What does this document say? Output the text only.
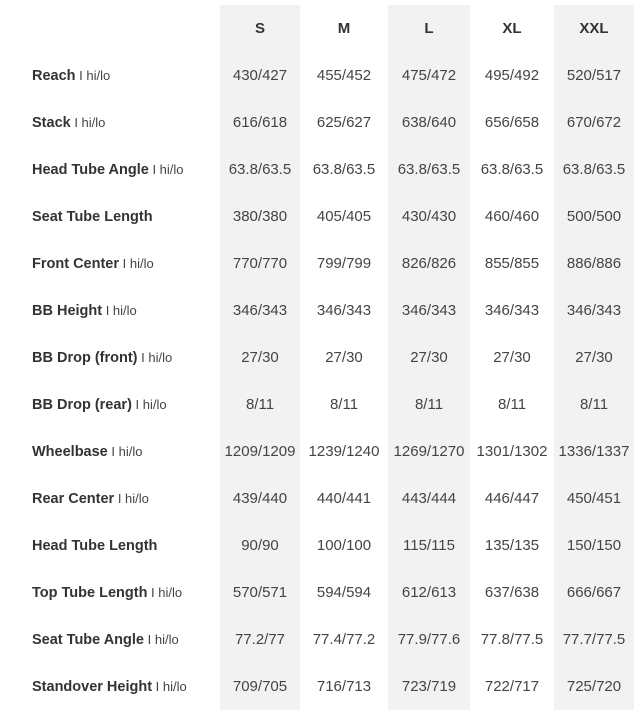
	S	M	L	XL	XXL
Reach I hi/lo	430/427	455/452	475/472	495/492	520/517
Stack I hi/lo	616/618	625/627	638/640	656/658	670/672
Head Tube Angle I hi/lo	63.8/63.5	63.8/63.5	63.8/63.5	63.8/63.5	63.8/63.5
Seat Tube Length	380/380	405/405	430/430	460/460	500/500
Front Center I hi/lo	770/770	799/799	826/826	855/855	886/886
BB Height I hi/lo	346/343	346/343	346/343	346/343	346/343
BB Drop (front) I hi/lo	27/30	27/30	27/30	27/30	27/30
BB Drop (rear) I hi/lo	8/11	8/11	8/11	8/11	8/11
Wheelbase I hi/lo	1209/1209	1239/1240	1269/1270	1301/1302	1336/1337
Rear Center I hi/lo	439/440	440/441	443/444	446/447	450/451
Head Tube Length	90/90	100/100	115/115	135/135	150/150
Top Tube Length I hi/lo	570/571	594/594	612/613	637/638	666/667
Seat Tube Angle I hi/lo	77.2/77	77.4/77.2	77.9/77.6	77.8/77.5	77.7/77.5
Standover Height I hi/lo	709/705	716/713	723/719	722/717	725/720
